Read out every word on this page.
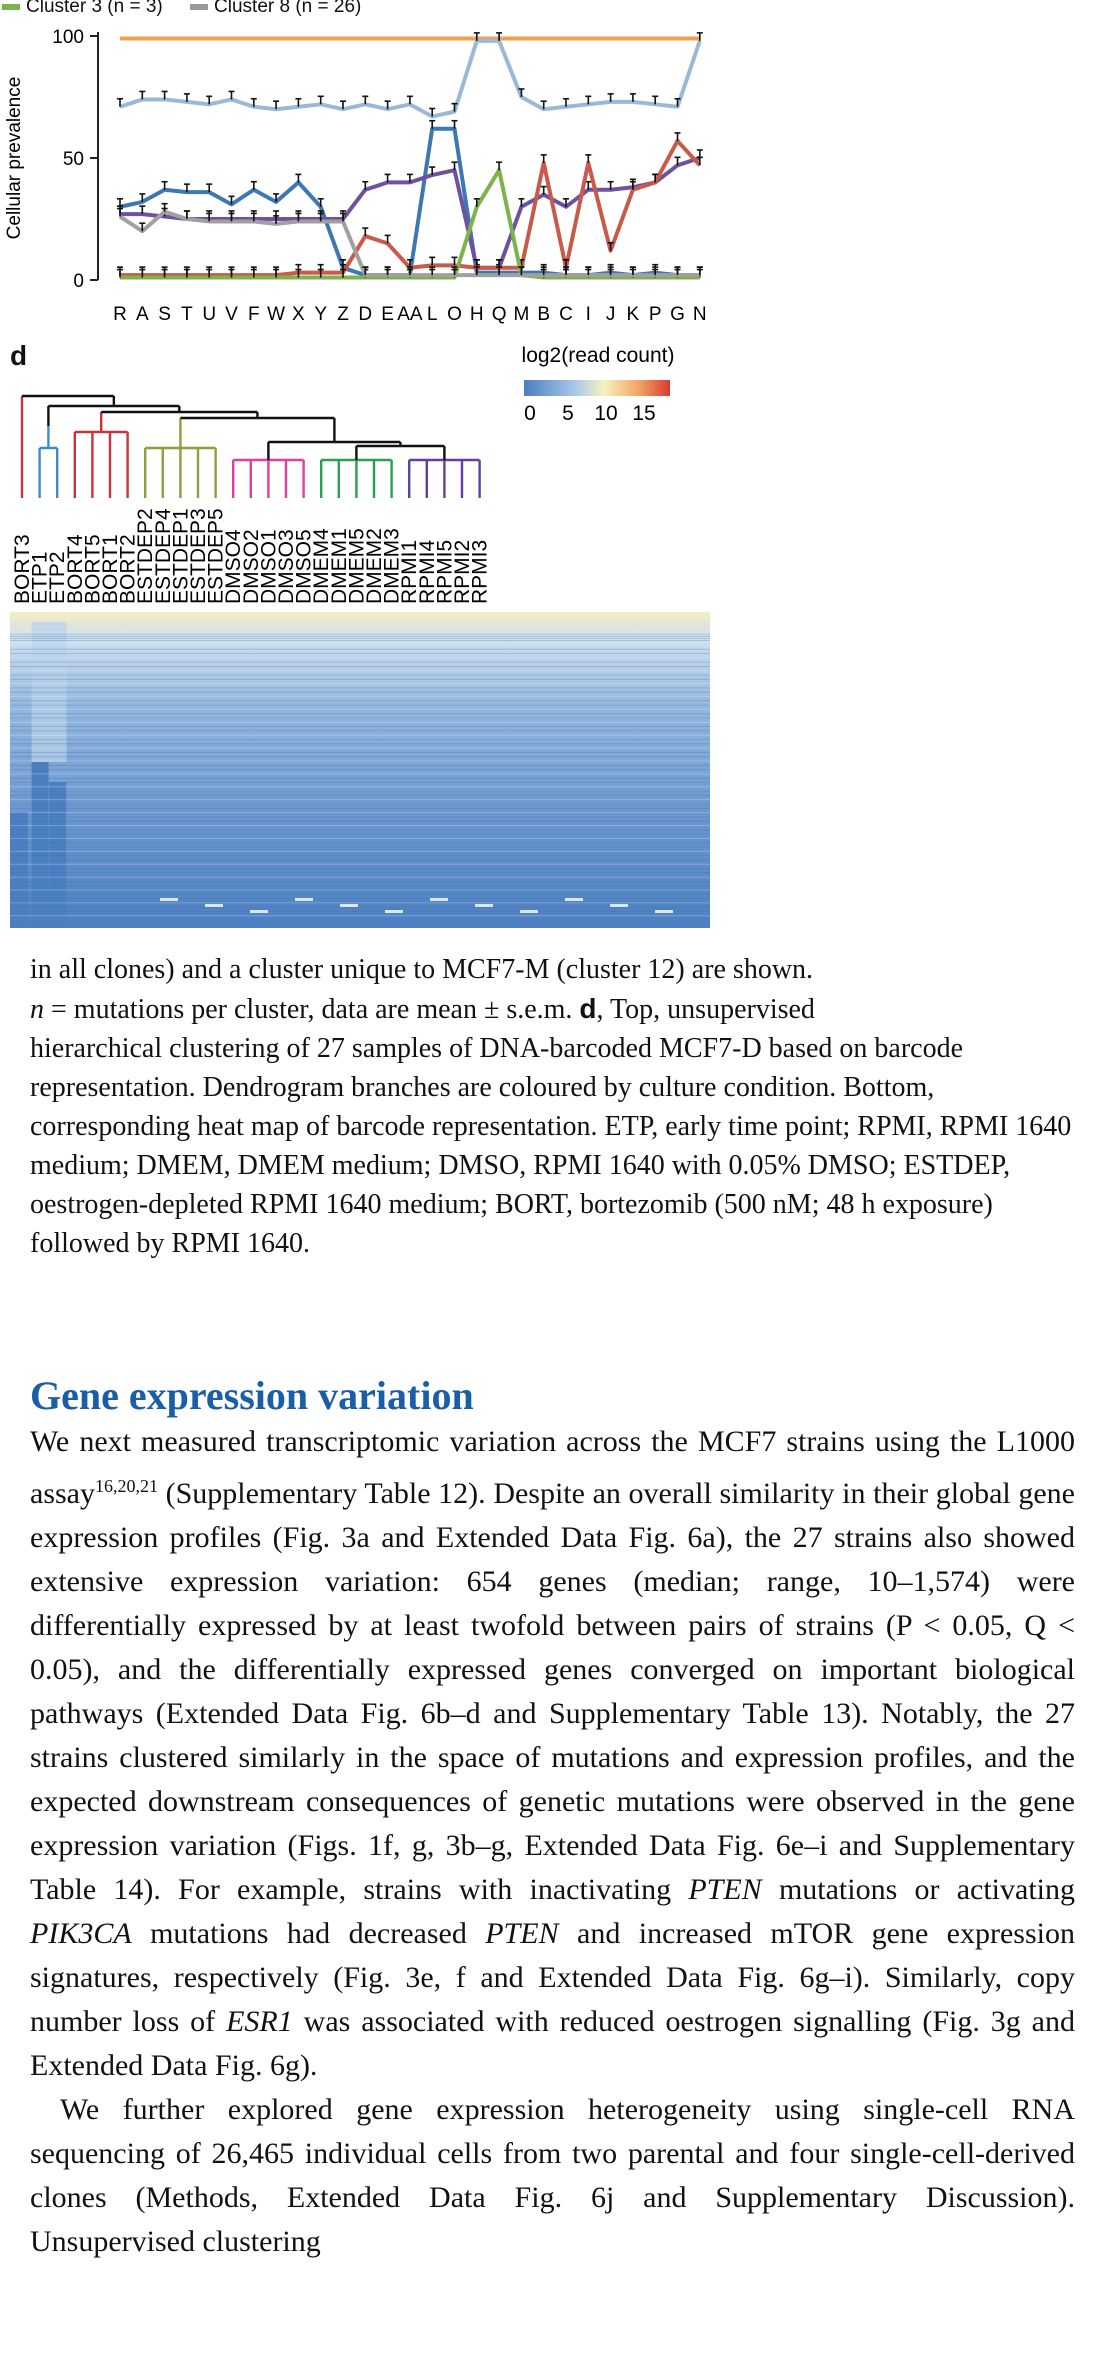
Cluster 3 (n = 3)	Cluster 8 (n = 26)
100
50
0
Cellular prevalence
R A S T U V F W X Y Z D E AA L O H Q M B C I J K P G N
d	log2(read count)
0 5 10 15
BORT3
ETP1
ETP2
BORT4
BORT5
BORT1
BORT2
ESTDEP2
ESTDEP4
ESTDEP1
ESTDEP3
ESTDEP5
DMSO4
DMSO2
DMSO1
DMSO3
DMSO5
DMEM4
DMEM1
DMEM5
DMEM2
DMEM3
RPMI1
RPMI4
RPMI5
RPMI2
RPMI3

in all clones) and a cluster unique to MCF7-M (cluster 12) are shown.

n = mutations per cluster, data are mean ± s.e.m. d, Top, unsupervised

hierarchical clustering of 27 samples of DNA-barcoded MCF7-D based on barcode representation. Dendrogram branches are coloured by culture condition. Bottom, corresponding heat map of barcode representation. ETP, early time point; RPMI, RPMI 1640 medium; DMEM, DMEM medium; DMSO, RPMI 1640 with 0.05% DMSO; ESTDEP, oestrogen-depleted RPMI 1640 medium; BORT, bortezomib (500 nM; 48 h exposure) followed by RPMI 1640.

Gene expression variation

We next measured transcriptomic variation across the MCF7 strains using the L1000 assay$^{16,20,21}$ (Supplementary Table 12). Despite an overall similarity in their global gene expression profiles (Fig. 3a and Extended Data Fig. 6a), the 27 strains also showed extensive expression variation: 654 genes (median; range, 10–1,574) were differentially expressed by at least twofold between pairs of strains (P < 0.05, Q < 0.05), and the differentially expressed genes converged on important biological pathways (Extended Data Fig. 6b–d and Supplementary Table 13). Notably, the 27 strains clustered similarly in the space of mutations and expression profiles, and the expected downstream consequences of genetic mutations were observed in the gene expression variation (Figs. 1f, g, 3b–g, Extended Data Fig. 6e–i and Supplementary Table 14). For example, strains with inactivating PTEN mutations or activating PIK3CA mutations had decreased PTEN and increased mTOR gene expression signatures, respectively (Fig. 3e, f and Extended Data Fig. 6g–i). Similarly, copy number loss of ESR1 was associated with reduced oestrogen signalling (Fig. 3g and Extended Data Fig. 6g).

We further explored gene expression heterogeneity using single-cell RNA sequencing of 26,465 individual cells from two parental and four single-cell-derived clones (Methods, Extended Data Fig. 6j and Supplementary Discussion). Unsupervised clustering
